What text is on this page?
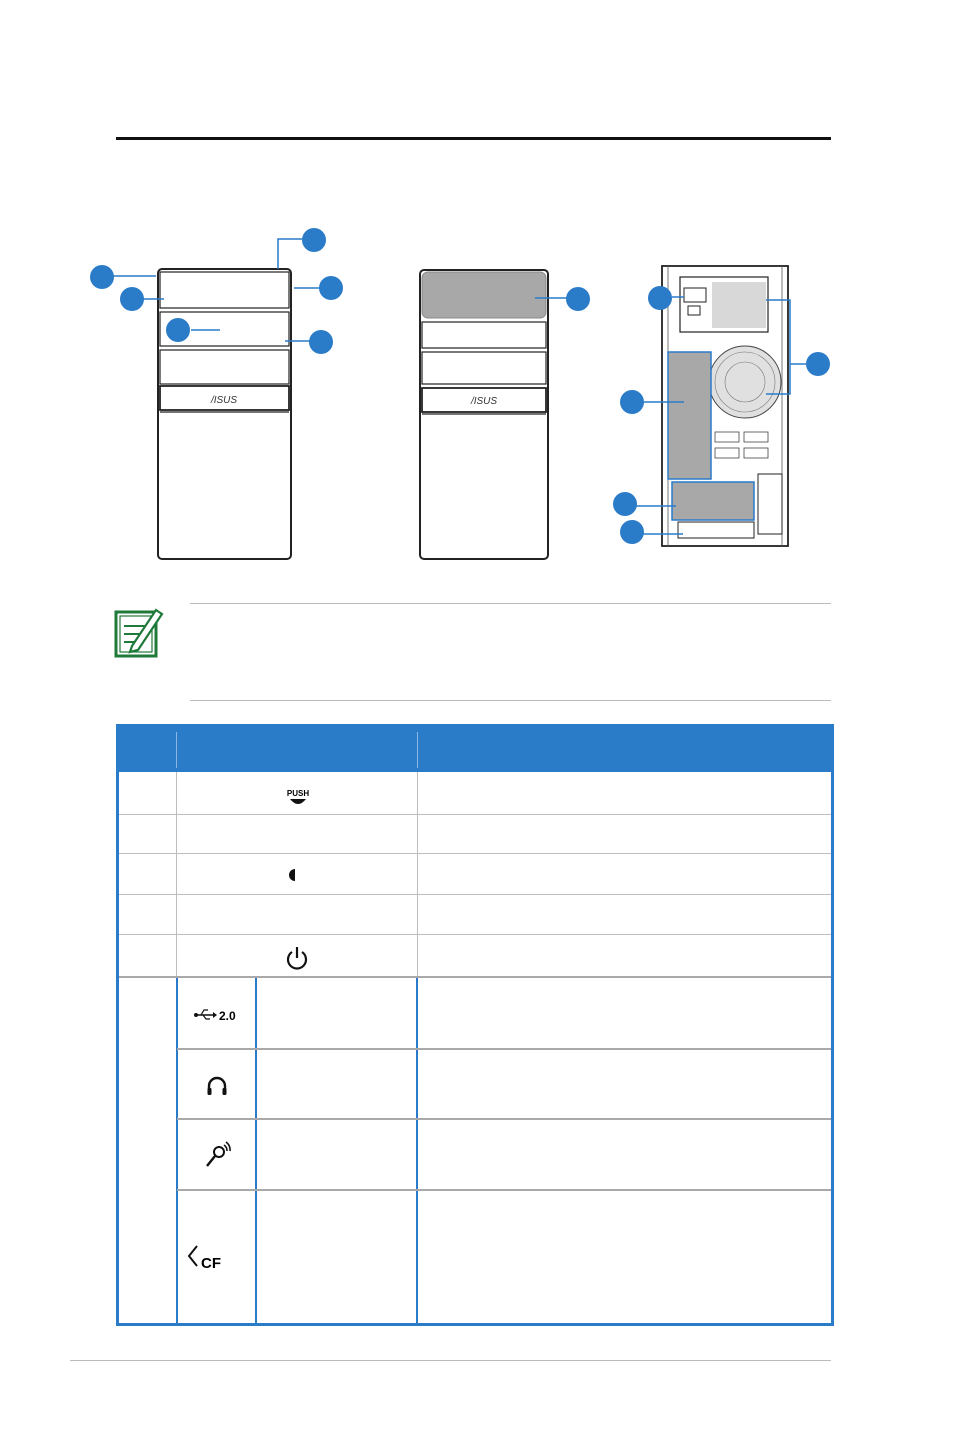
/ISUS	/ISUS
PUSH
2.0
CF
